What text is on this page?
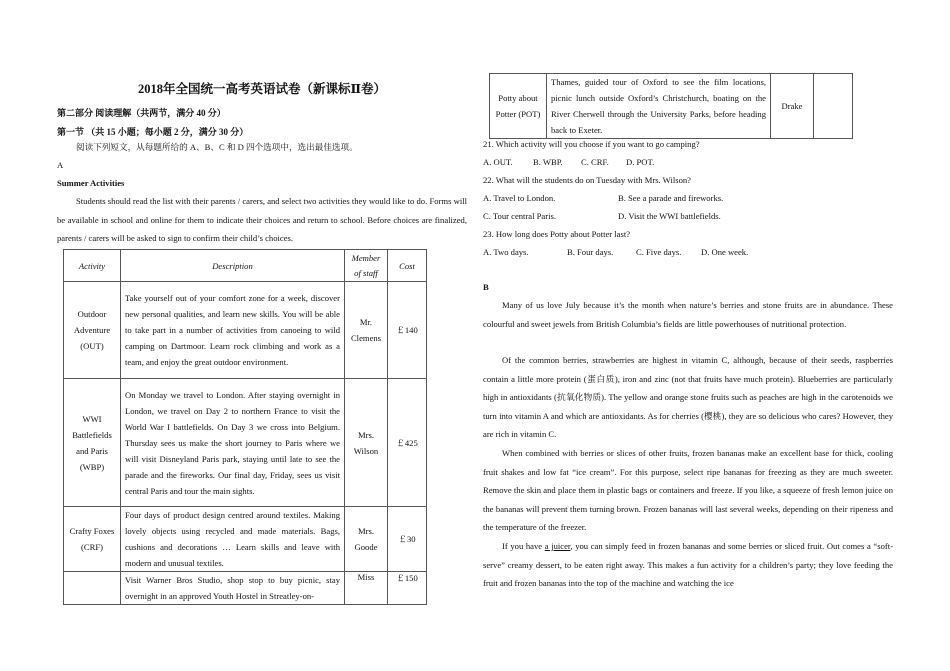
2018年全国统一高考英语试卷（新课标Ⅱ卷）
第二部分 阅读理解（共两节，满分 40 分）
第一节 （共 15 小题；每小题 2 分，满分 30 分）
阅读下列短文，从每题所给的 A、B、C 和 D 四个选项中，选出最佳选项。
A
Summer Activities
Students should read the list with their parents / carers, and select two activities they would like to do. Forms will be available in school and online for them to indicate their choices and return to school. Before choices are finalized, parents / carers will be asked to sign to confirm their child’s choices.
Activity	Description	Member of staff	Cost
Outdoor Adventure (OUT)	Take yourself out of your comfort zone for a week, discover new personal qualities, and learn new skills. You will be able to take part in a number of activities from canoeing to wild camping on Dartmoor. Learn rock climbing and work as a team, and enjoy the great outdoor environment.	Mr. Clemens	￡140
WWI Battlefields and Paris (WBP)	On Monday we travel to London. After staying overnight in London, we travel on Day 2 to northern France to visit the World War I battlefields. On Day 3 we cross into Belgium. Thursday sees us make the short journey to Paris where we will visit Disneyland Paris park, staying until late to see the parade and the fireworks. Our final day, Friday, sees us visit central Paris and tour the main sights.	Mrs. Wilson	￡425
Crafty Foxes (CRF)	Four days of product design centred around textiles. Making lovely objects using recycled and made materials. Bags, cushions and decorations … Learn skills and leave with modern and unusual textiles.	Mrs. Goode	￡30
	Visit Warner Bros Studio, shop stop to buy picnic, stay overnight in an approved Youth Hostel in Streatley-on-	Miss	￡150
Potty about Potter (POT)	Thames, guided tour of Oxford to see the film locations, picnic lunch outside Oxford’s Christchurch, boating on the River Cherwell through the University Parks, before heading back to Exeter.	Drake	
21. Which activity will you choose if you want to go camping?
A. OUT. B. WBP. C. CRF. D. POT.
22. What will the students do on Tuesday with Mrs. Wilson?
A. Travel to London.	B. See a parade and fireworks.
C. Tour central Paris.	D. Visit the WWI battlefields.
23. How long does Potty about Potter last?
A. Two days.	B. Four days.	C. Five days. D. One week.
B
Many of us love July because it’s the month when nature’s berries and stone fruits are in abundance. These colourful and sweet jewels from British Columbia’s fields are little powerhouses of nutritional protection.
Of the common berries, strawberries are highest in vitamin C, although, because of their seeds, raspberries contain a little more protein (蛋白质), iron and zinc (not that fruits have much protein). Blueberries are particularly high in antioxidants (抗氧化物质). The yellow and orange stone fruits such as peaches are high in the carotenoids we turn into vitamin A and which are antioxidants. As for cherries (樱桃), they are so delicious who cares? However, they are rich in vitamin C.
When combined with berries or slices of other fruits, frozen bananas make an excellent base for thick, cooling fruit shakes and low fat “ice cream”. For this purpose, select ripe bananas for freezing as they are much sweeter. Remove the skin and place them in plastic bags or containers and freeze. If you like, a squeeze of fresh lemon juice on the bananas will prevent them turning brown. Frozen bananas will last several weeks, depending on their ripeness and the temperature of the freezer.
If you have a juicer, you can simply feed in frozen bananas and some berries or sliced fruit. Out comes a “soft-serve” creamy dessert, to be eaten right away. This makes a fun activity for a children’s party; they love feeding the fruit and frozen bananas into the top of the machine and watching the ice
